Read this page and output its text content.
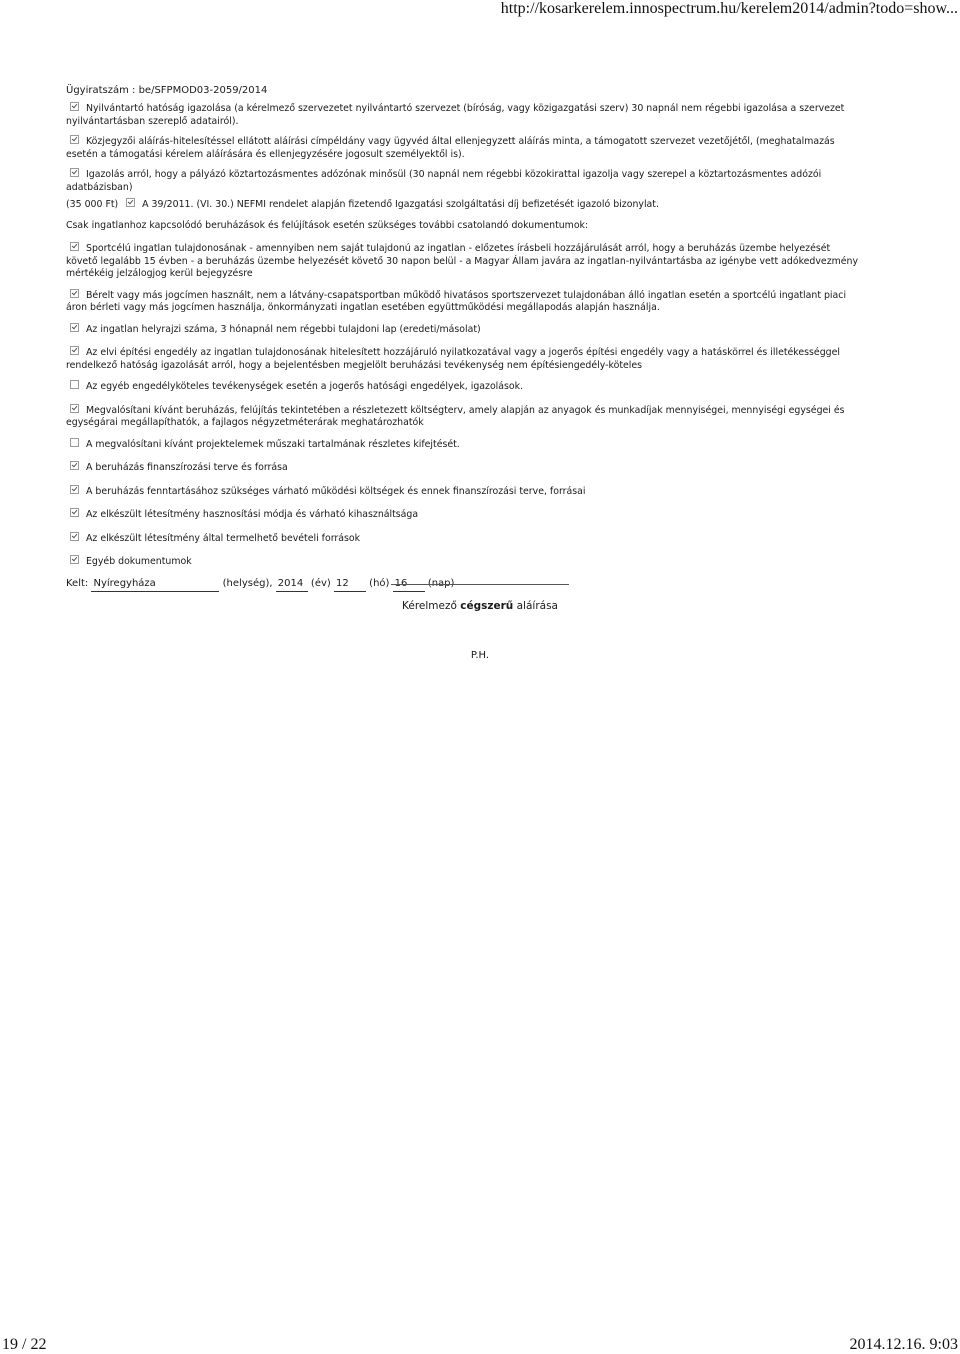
http://kosarkerelem.innospectrum.hu/kerelem2014/admin?todo=show...
Ügyiratszám : be/SFPMOD03-2059/2014
Nyilvántartó hatóság igazolása (a kérelmező szervezetet nyilvántartó szervezet (bíróság, vagy közigazgatási szerv) 30 napnál nem régebbi igazolása a szervezet nyilvántartásban szereplő adatairól).
Közjegyzői aláírás-hitelesítéssel ellátott aláírási címpéldány vagy ügyvéd által ellenjegyzett aláírás minta, a támogatott szervezet vezetőjétől, (meghatalmazás esetén a támogatási kérelem aláírására és ellenjegyzésére jogosult személyektől is).
Igazolás arról, hogy a pályázó köztartozásmentes adózónak minősül (30 napnál nem régebbi közokirattal igazolja vagy szerepel a köztartozásmentes adózói adatbázisban)
(35 000 Ft)	A 39/2011. (VI. 30.) NEFMI rendelet alapján fizetendő Igazgatási szolgáltatási díj befizetését igazoló bizonylat.
Csak ingatlanhoz kapcsolódó beruházások és felújítások esetén szükséges további csatolandó dokumentumok:
Sportcélú ingatlan tulajdonosának - amennyiben nem saját tulajdonú az ingatlan - előzetes írásbeli hozzájárulását arról, hogy a beruházás üzembe helyezését követő legalább 15 évben - a beruházás üzembe helyezését követő 30 napon belül - a Magyar Állam javára az ingatlan-nyilvántartásba az igénybe vett adókedvezmény mértékéig jelzálogjog kerül bejegyzésre
Bérelt vagy más jogcímen használt, nem a látvány-csapatsportban működő hivatásos sportszervezet tulajdonában álló ingatlan esetén a sportcélú ingatlant piaci áron bérleti vagy más jogcímen használja, önkormányzati ingatlan esetében együttműködési megállapodás alapján használja.
Az ingatlan helyrajzi száma, 3 hónapnál nem régebbi tulajdoni lap (eredeti/másolat)
Az elvi építési engedély az ingatlan tulajdonosának hitelesített hozzájáruló nyilatkozatával vagy a jogerős építési engedély vagy a hatáskörrel és illetékességgel rendelkező hatóság igazolását arról, hogy a bejelentésben megjelölt beruházási tevékenység nem építésiengedély-köteles
Az egyéb engedélyköteles tevékenységek esetén a jogerős hatósági engedélyek, igazolások.
Megvalósítani kívánt beruházás, felújítás tekintetében a részletezett költségterv, amely alapján az anyagok és munkadíjak mennyiségei, mennyiségi egységei és egységárai megállapíthatók, a fajlagos négyzetméterárak meghatározhatók
A megvalósítani kívánt projektelemek műszaki tartalmának részletes kifejtését.
A beruházás finanszírozási terve és forrása
A beruházás fenntartásához szükséges várható működési költségek és ennek finanszírozási terve, forrásai
Az elkészült létesítmény hasznosítási módja és várható kihasználtsága
Az elkészült létesítmény által termelhető bevételi források
Egyéb dokumentumok
Kelt: Nyíregyháza	(helység), 2014 (év) 12 (hó) 16 (nap)
Kérelmező cégszerű aláírása
P.H.
19 / 22	2014.12.16. 9:03
